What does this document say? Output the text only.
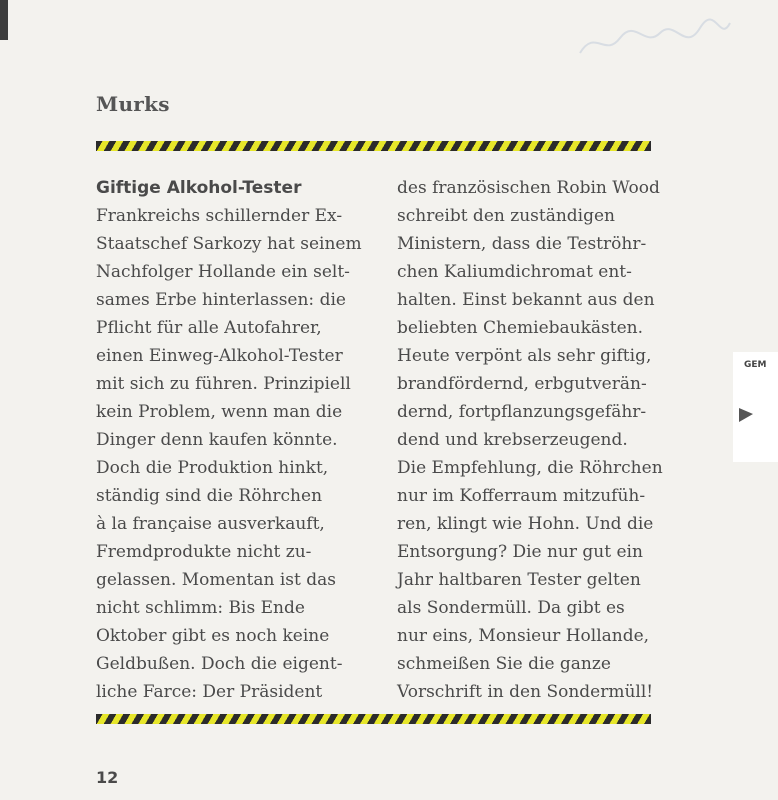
Murks
Giftige Alkohol-Tester
Frankreichs schillernder Ex-
Staatschef Sarkozy hat seinem
Nachfolger Hollande ein selt-
sames Erbe hinterlassen: die
Pflicht für alle Autofahrer,
einen Einweg-Alkohol-Tester
mit sich zu führen. Prinzipiell
kein Problem, wenn man die
Dinger denn kaufen könnte.
Doch die Produktion hinkt,
ständig sind die Röhrchen
à la française ausverkauft,
Fremdprodukte nicht zu-
gelassen. Momentan ist das
nicht schlimm: Bis Ende
Oktober gibt es noch keine
Geldbußen. Doch die eigent-
liche Farce: Der Präsident
des französischen Robin Wood
schreibt den zuständigen
Ministern, dass die Teströhr-
chen Kaliumdichromat ent-
halten. Einst bekannt aus den
beliebten Chemiebaukästen.
Heute verpönt als sehr giftig,
brandfördernd, erbgutverän-
dernd, fortpflanzungsgefähr-
dend und krebserzeugend.
Die Empfehlung, die Röhrchen
nur im Kofferraum mitzufüh-
ren, klingt wie Hohn. Und die
Entsorgung? Die nur gut ein
Jahr haltbaren Tester gelten
als Sondermüll. Da gibt es
nur eins, Monsieur Hollande,
schmeißen Sie die ganze
Vorschrift in den Sondermüll!
12
GEM
